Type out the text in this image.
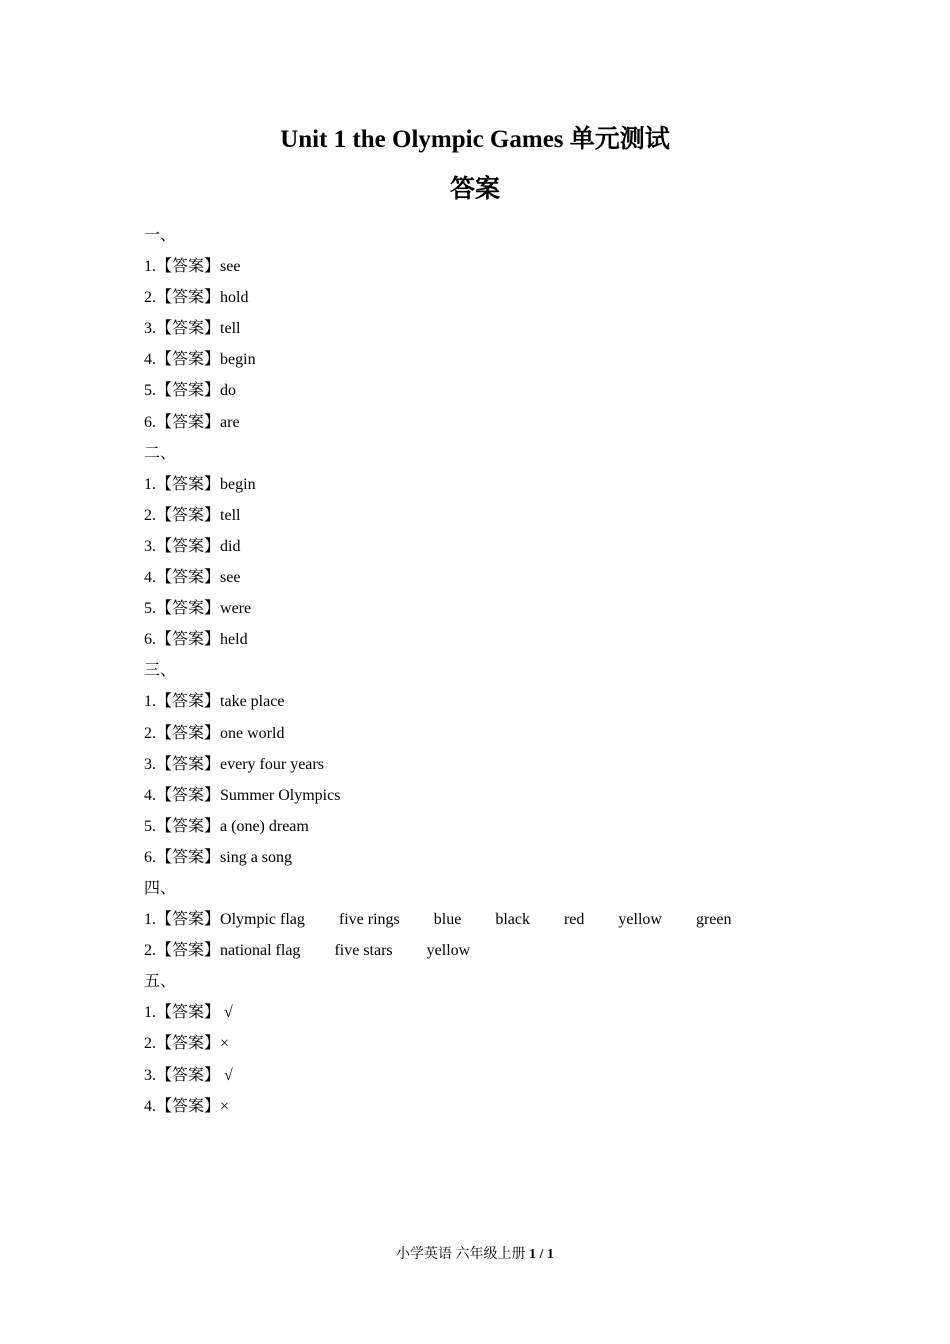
Unit 1 the Olympic Games 单元测试
答案
一、
1.【答案】see
2.【答案】hold
3.【答案】tell
4.【答案】begin
5.【答案】do
6.【答案】are
二、
1.【答案】begin
2.【答案】tell
3.【答案】did
4.【答案】see
5.【答案】were
6.【答案】held
三、
1.【答案】take place
2.【答案】one world
3.【答案】every four years
4.【答案】Summer Olympics
5.【答案】a (one) dream
6.【答案】sing a song
四、
1.【答案】Olympic flag five rings blue black red yellow green
2.【答案】national flag five stars yellow
五、
1.【答案】 √
2.【答案】×
3.【答案】 √
4.【答案】×
小学英语 六年级上册 1 / 1
